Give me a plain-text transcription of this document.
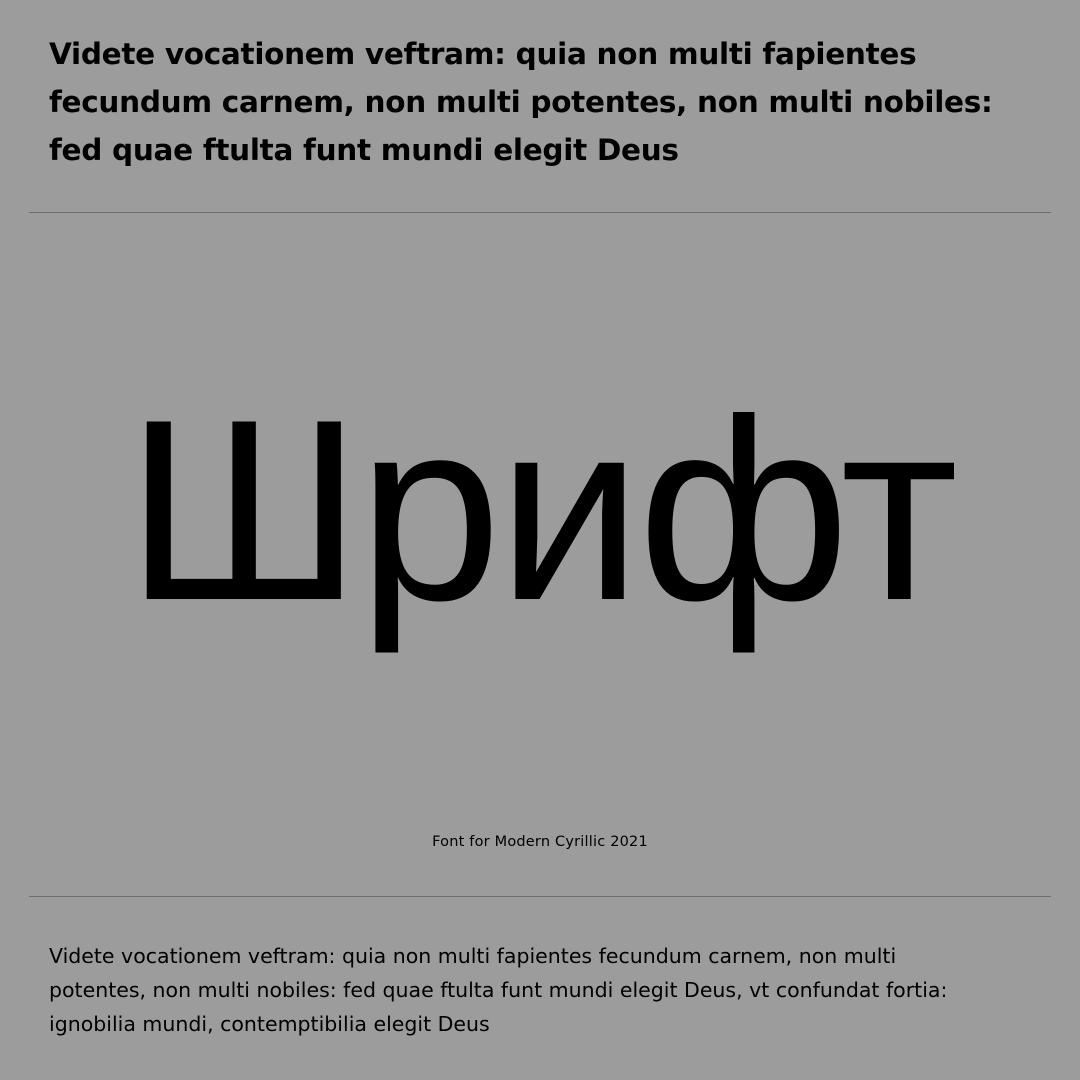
Videte vocationem veftram: quia non multi fapientes fecundum carnem, non multi potentes, non multi nobiles: fed quae ftulta funt mundi elegit Deus

Шрифт

Font for Modern Cyrillic 2021

Videte vocationem veftram: quia non multi fapientes fecundum carnem, non multi potentes, non multi nobiles: fed quae ftulta funt mundi elegit Deus, vt confundat fortia: ignobilia mundi, contemptibilia elegit Deus
